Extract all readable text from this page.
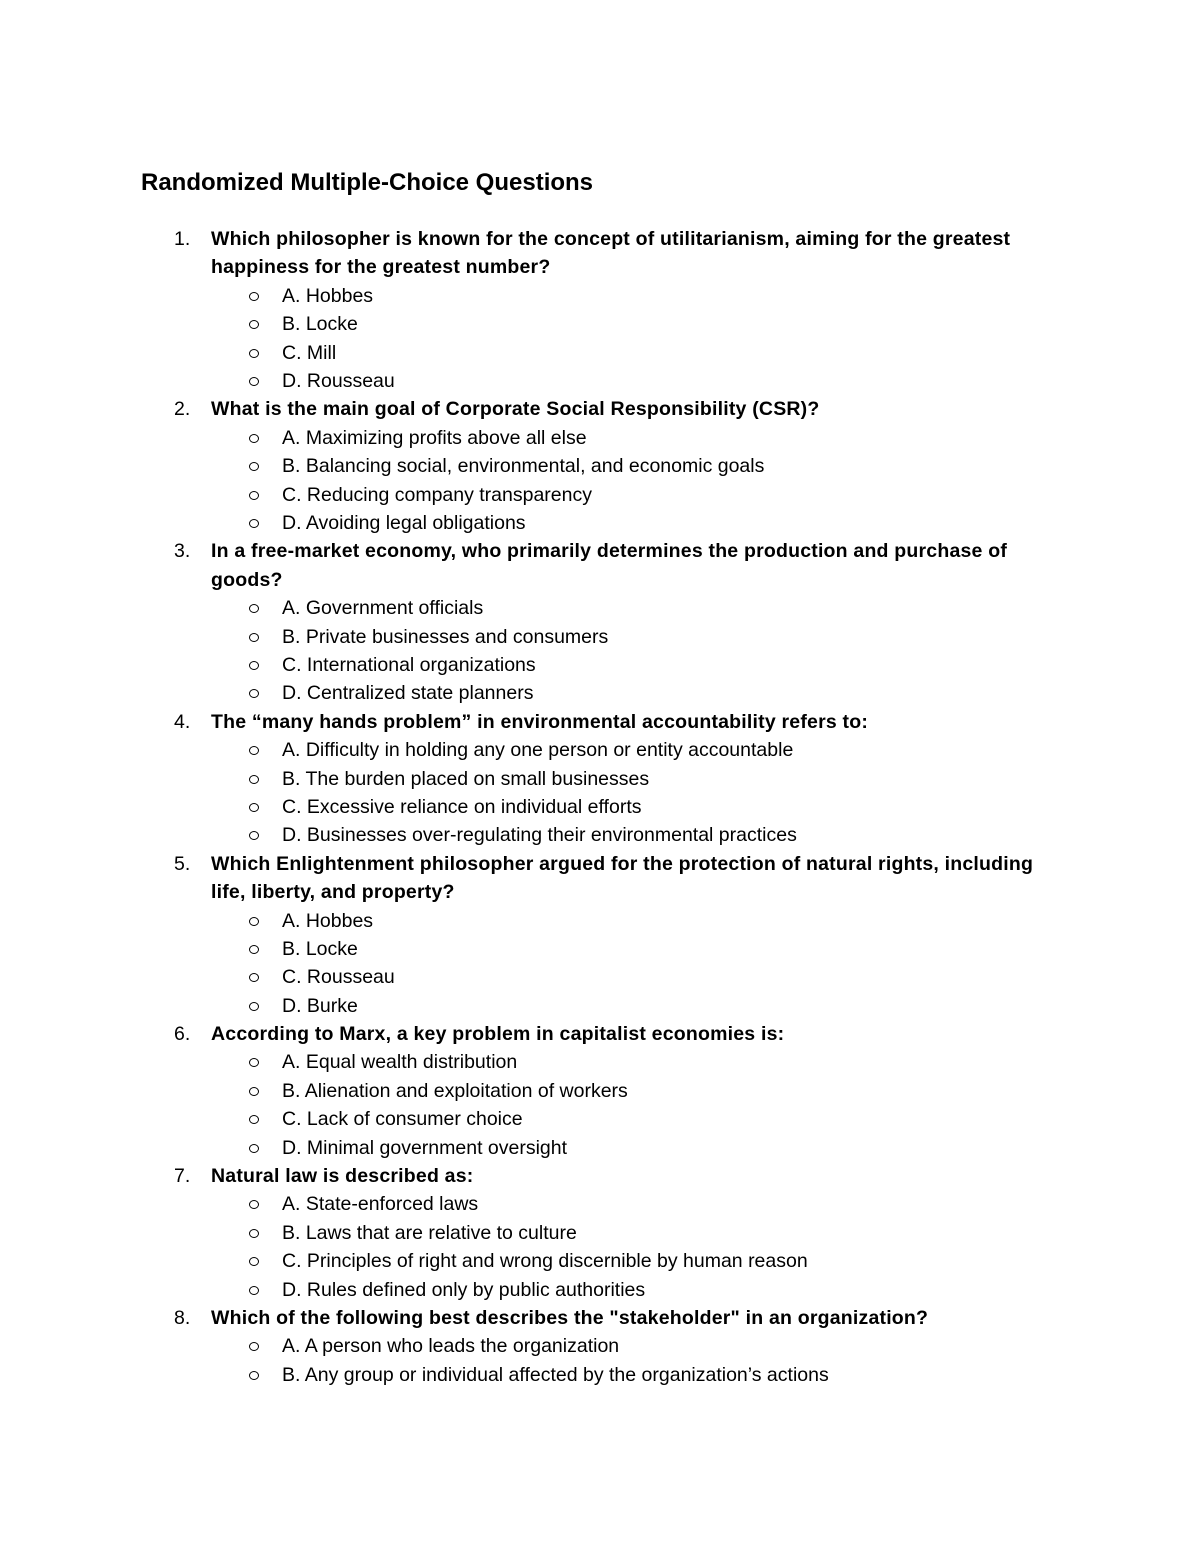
Randomized Multiple-Choice Questions
1. Which philosopher is known for the concept of utilitarianism, aiming for the greatest happiness for the greatest number?

A. Hobbes
B. Locke
C. Mill
D. Rousseau
2. What is the main goal of Corporate Social Responsibility (CSR)?

A. Maximizing profits above all else
B. Balancing social, environmental, and economic goals
C. Reducing company transparency
D. Avoiding legal obligations
3. In a free-market economy, who primarily determines the production and purchase of goods?

A. Government officials
B. Private businesses and consumers
C. International organizations
D. Centralized state planners
4. The “many hands problem” in environmental accountability refers to:

A. Difficulty in holding any one person or entity accountable
B. The burden placed on small businesses
C. Excessive reliance on individual efforts
D. Businesses over-regulating their environmental practices
5. Which Enlightenment philosopher argued for the protection of natural rights, including life, liberty, and property?

A. Hobbes
B. Locke
C. Rousseau
D. Burke
6. According to Marx, a key problem in capitalist economies is:

A. Equal wealth distribution
B. Alienation and exploitation of workers
C. Lack of consumer choice
D. Minimal government oversight
7. Natural law is described as:

A. State-enforced laws
B. Laws that are relative to culture
C. Principles of right and wrong discernible by human reason
D. Rules defined only by public authorities
8. Which of the following best describes the "stakeholder" in an organization?

A. A person who leads the organization
B. Any group or individual affected by the organization’s actions
